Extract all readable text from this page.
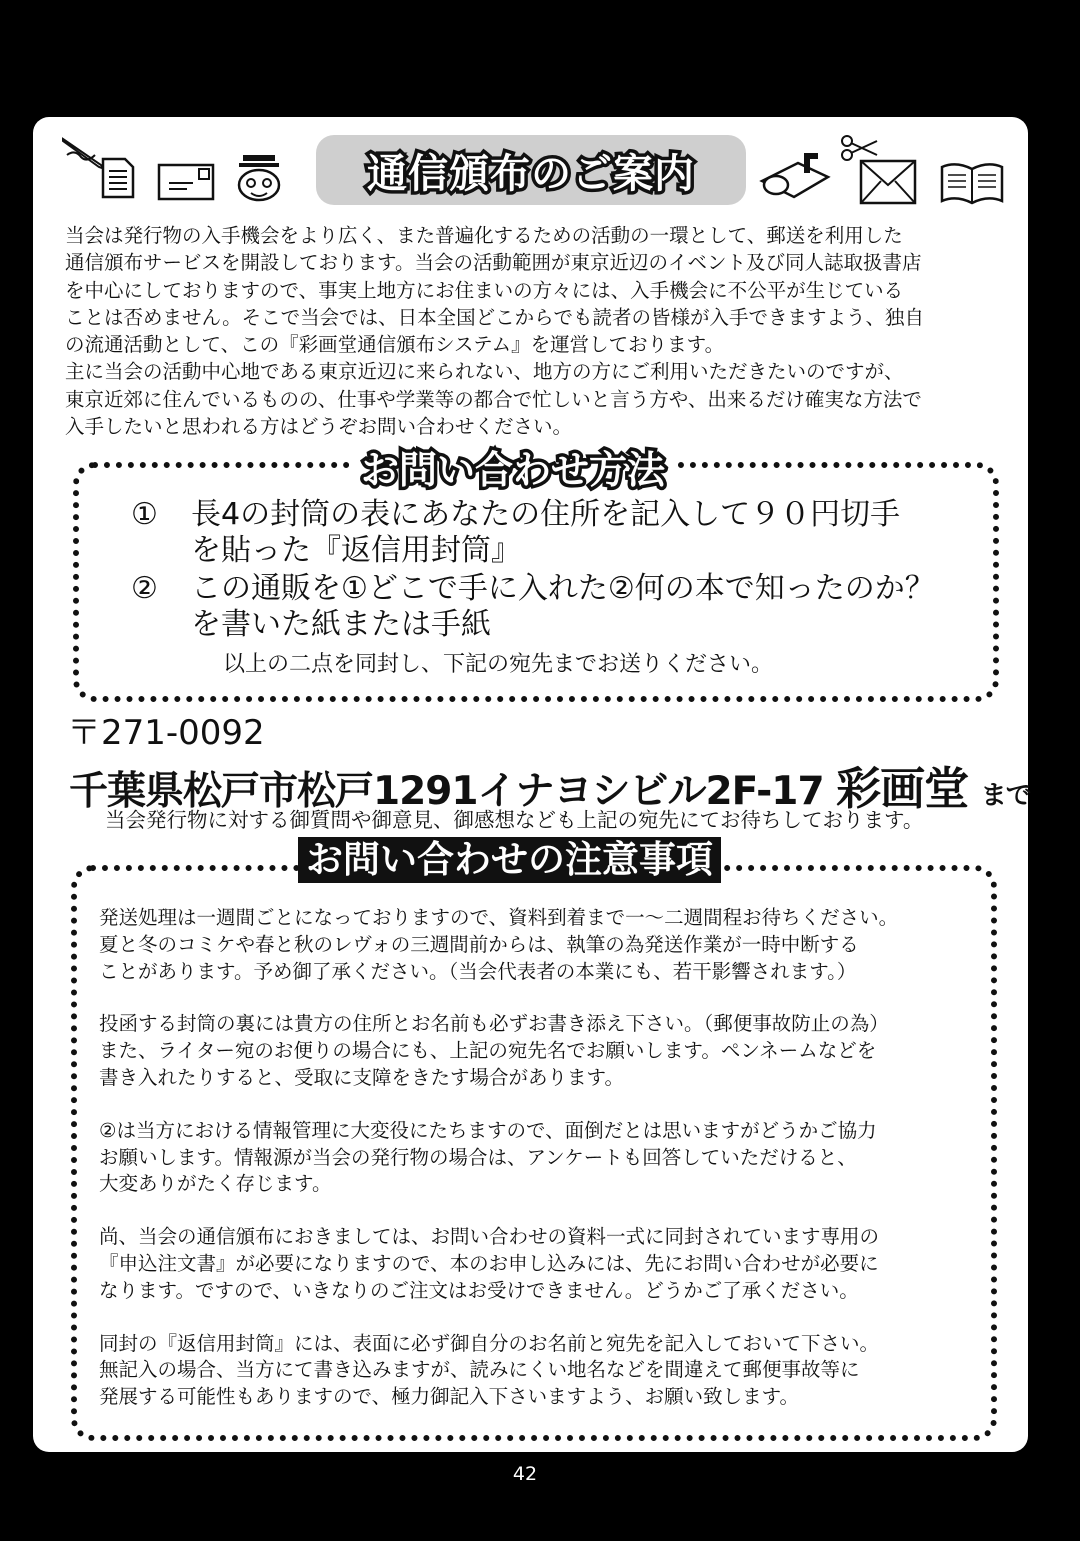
通信頒布のご案内

当会は発行物の入手機会をより広く、また普遍化するための活動の一環として、郵送を利用した
通信頒布サービスを開設しております。当会の活動範囲が東京近辺のイベント及び同人誌取扱書店
を中心にしておりますので、事実上地方にお住まいの方々には、入手機会に不公平が生じている
ことは否めません。そこで当会では、日本全国どこからでも読者の皆様が入手できますよう、独自
の流通活動として、この『彩画堂通信頒布システム』を運営しております。
主に当会の活動中心地である東京近辺に来られない、地方の方にご利用いただきたいのですが、
東京近郊に住んでいるものの、仕事や学業等の都合で忙しいと言う方や、出来るだけ確実な方法で
入手したいと思われる方はどうぞお問い合わせください。

お問い合わせ方法
① 長4の封筒の表にあなたの住所を記入して９０円切手
を貼った『返信用封筒』
② この通販を①どこで手に入れた②何の本で知ったのか？
を書いた紙または手紙
以上の二点を同封し、下記の宛先までお送りください。
〒271-0092
千葉県松戸市松戸1291イナヨシビル2F-17 彩画堂 まで
当会発行物に対する御質問や御意見、御感想なども上記の宛先にてお待ちしております。
お問い合わせの注意事項

発送処理は一週間ごとになっておりますので、資料到着まで一～二週間程お待ちください。
夏と冬のコミケや春と秋のレヴォの三週間前からは、執筆の為発送作業が一時中断する
ことがあります。予め御了承ください。（当会代表者の本業にも、若干影響されます。）

投函する封筒の裏には貴方の住所とお名前も必ずお書き添え下さい。（郵便事故防止の為）
また、ライター宛のお便りの場合にも、上記の宛先名でお願いします。ペンネームなどを
書き入れたりすると、受取に支障をきたす場合があります。

②は当方における情報管理に大変役にたちますので、面倒だとは思いますがどうかご協力
お願いします。情報源が当会の発行物の場合は、アンケートも回答していただけると、
大変ありがたく存じます。

尚、当会の通信頒布におきましては、お問い合わせの資料一式に同封されています専用の
『申込注文書』が必要になりますので、本のお申し込みには、先にお問い合わせが必要に
なります。ですので、いきなりのご注文はお受けできません。どうかご了承ください。

同封の『返信用封筒』には、表面に必ず御自分のお名前と宛先を記入しておいて下さい。
無記入の場合、当方にて書き込みますが、読みにくい地名などを間違えて郵便事故等に
発展する可能性もありますので、極力御記入下さいますよう、お願い致します。

42
